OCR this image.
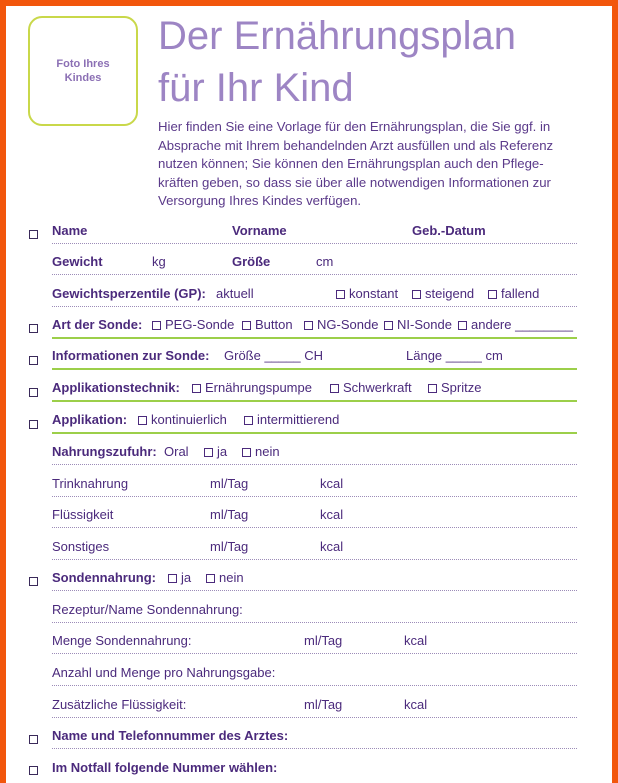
Foto Ihres
Kindes
Der Ernährungsplan
für Ihr Kind
Hier finden Sie eine Vorlage für den Ernährungsplan, die Sie ggf. in
Absprache mit Ihrem behandelnden Arzt ausfüllen und als Referenz
nutzen können; Sie können den Ernährungsplan auch den Pflege-
kräften geben, so dass sie über alle notwendigen Informationen zur
Versorgung Ihres Kindes verfügen.
Name	Vorname	Geb.-Datum
Gewicht	kg	Größe	cm
Gewichtsperzentile (GP): aktuell	konstant	steigend	fallend
Art der Sonde:	PEG-Sonde	Button	NG-Sonde	NI-Sonde	andere ________
Informationen zur Sonde: Größe _____ CH	Länge _____ cm
Applikationstechnik:	Ernährungspumpe	Schwerkraft	Spritze
Applikation:	kontinuierlich	intermittierend
Nahrungszufuhr: Oral	ja	nein
Trinknahrung	ml/Tag	kcal
Flüssigkeit	ml/Tag	kcal
Sonstiges	ml/Tag	kcal
Sondennahrung:	ja	nein
Rezeptur/Name Sondennahrung:
Menge Sondennahrung:	ml/Tag	kcal
Anzahl und Menge pro Nahrungsgabe:
Zusätzliche Flüssigkeit:	ml/Tag	kcal
Name und Telefonnummer des Arztes:
Im Notfall folgende Nummer wählen:
